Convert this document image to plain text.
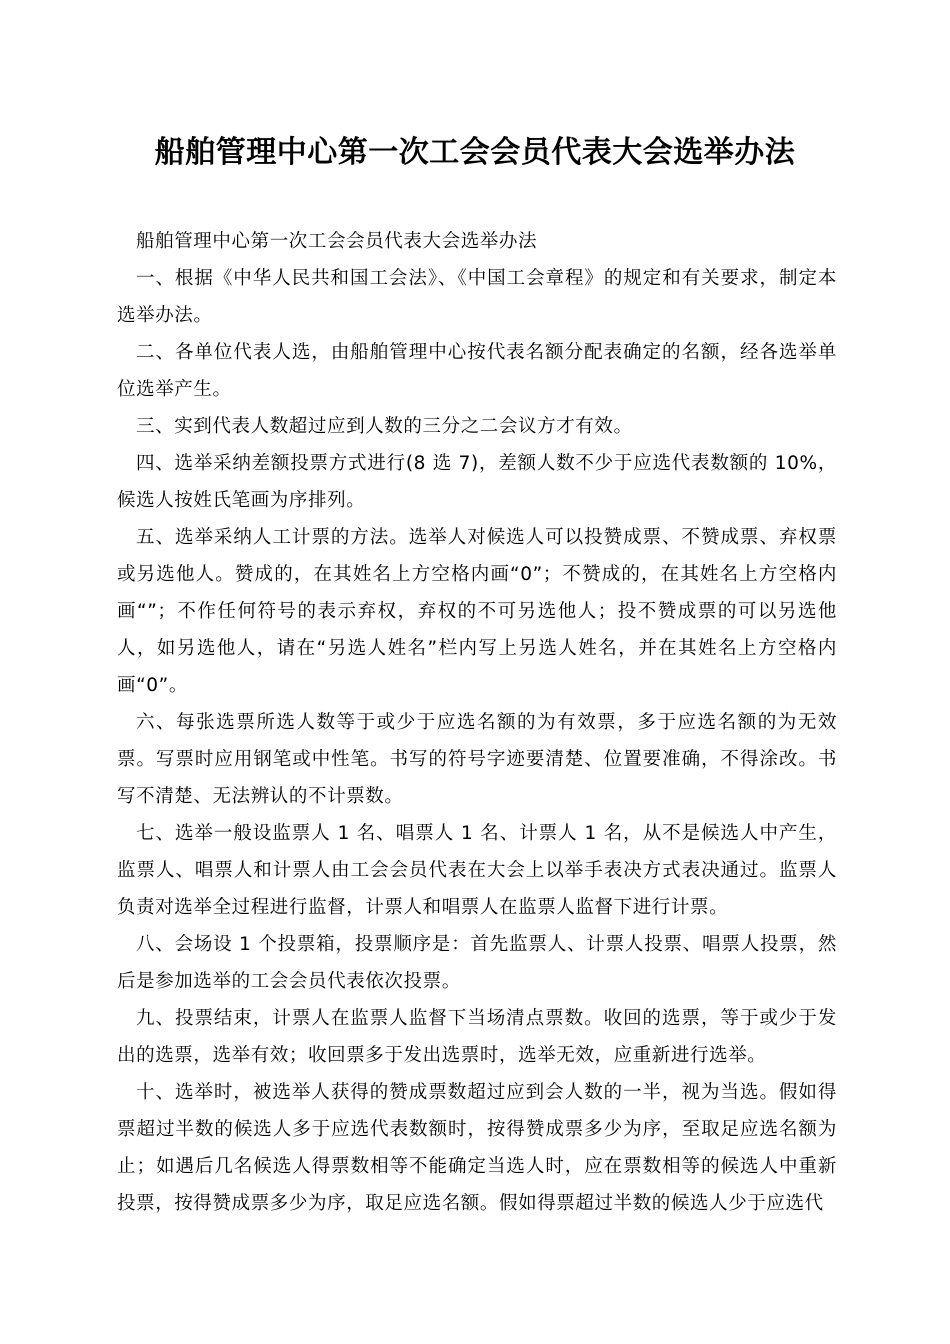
船舶管理中心第一次工会会员代表大会选举办法

船舶管理中心第一次工会会员代表大会选举办法

一、根据《中华人民共和国工会法》、《中国工会章程》的规定和有关要求，制定本选举办法。

二、各单位代表人选，由船舶管理中心按代表名额分配表确定的名额，经各选举单位选举产生。

三、实到代表人数超过应到人数的三分之二会议方才有效。

四、选举采纳差额投票方式进行(8 选 7)，差额人数不少于应选代表数额的 10%，候选人按姓氏笔画为序排列。

五、选举采纳人工计票的方法。选举人对候选人可以投赞成票、不赞成票、弃权票或另选他人。赞成的，在其姓名上方空格内画“0”；不赞成的，在其姓名上方空格内画“”；不作任何符号的表示弃权，弃权的不可另选他人；投不赞成票的可以另选他人，如另选他人，请在“另选人姓名”栏内写上另选人姓名，并在其姓名上方空格内画“0”。

六、每张选票所选人数等于或少于应选名额的为有效票，多于应选名额的为无效票。写票时应用钢笔或中性笔。书写的符号字迹要清楚、位置要准确，不得涂改。书写不清楚、无法辨认的不计票数。

七、选举一般设监票人 1 名、唱票人 1 名、计票人 1 名，从不是候选人中产生，监票人、唱票人和计票人由工会会员代表在大会上以举手表决方式表决通过。监票人负责对选举全过程进行监督，计票人和唱票人在监票人监督下进行计票。

八、会场设 1 个投票箱，投票顺序是：首先监票人、计票人投票、唱票人投票，然后是参加选举的工会会员代表依次投票。

九、投票结束，计票人在监票人监督下当场清点票数。收回的选票，等于或少于发出的选票，选举有效；收回票多于发出选票时，选举无效，应重新进行选举。

十、选举时，被选举人获得的赞成票数超过应到会人数的一半，视为当选。假如得票超过半数的候选人多于应选代表数额时，按得赞成票多少为序，至取足应选名额为止；如遇后几名候选人得票数相等不能确定当选人时，应在票数相等的候选人中重新投票，按得赞成票多少为序，取足应选名额。假如得票超过半数的候选人少于应选代
